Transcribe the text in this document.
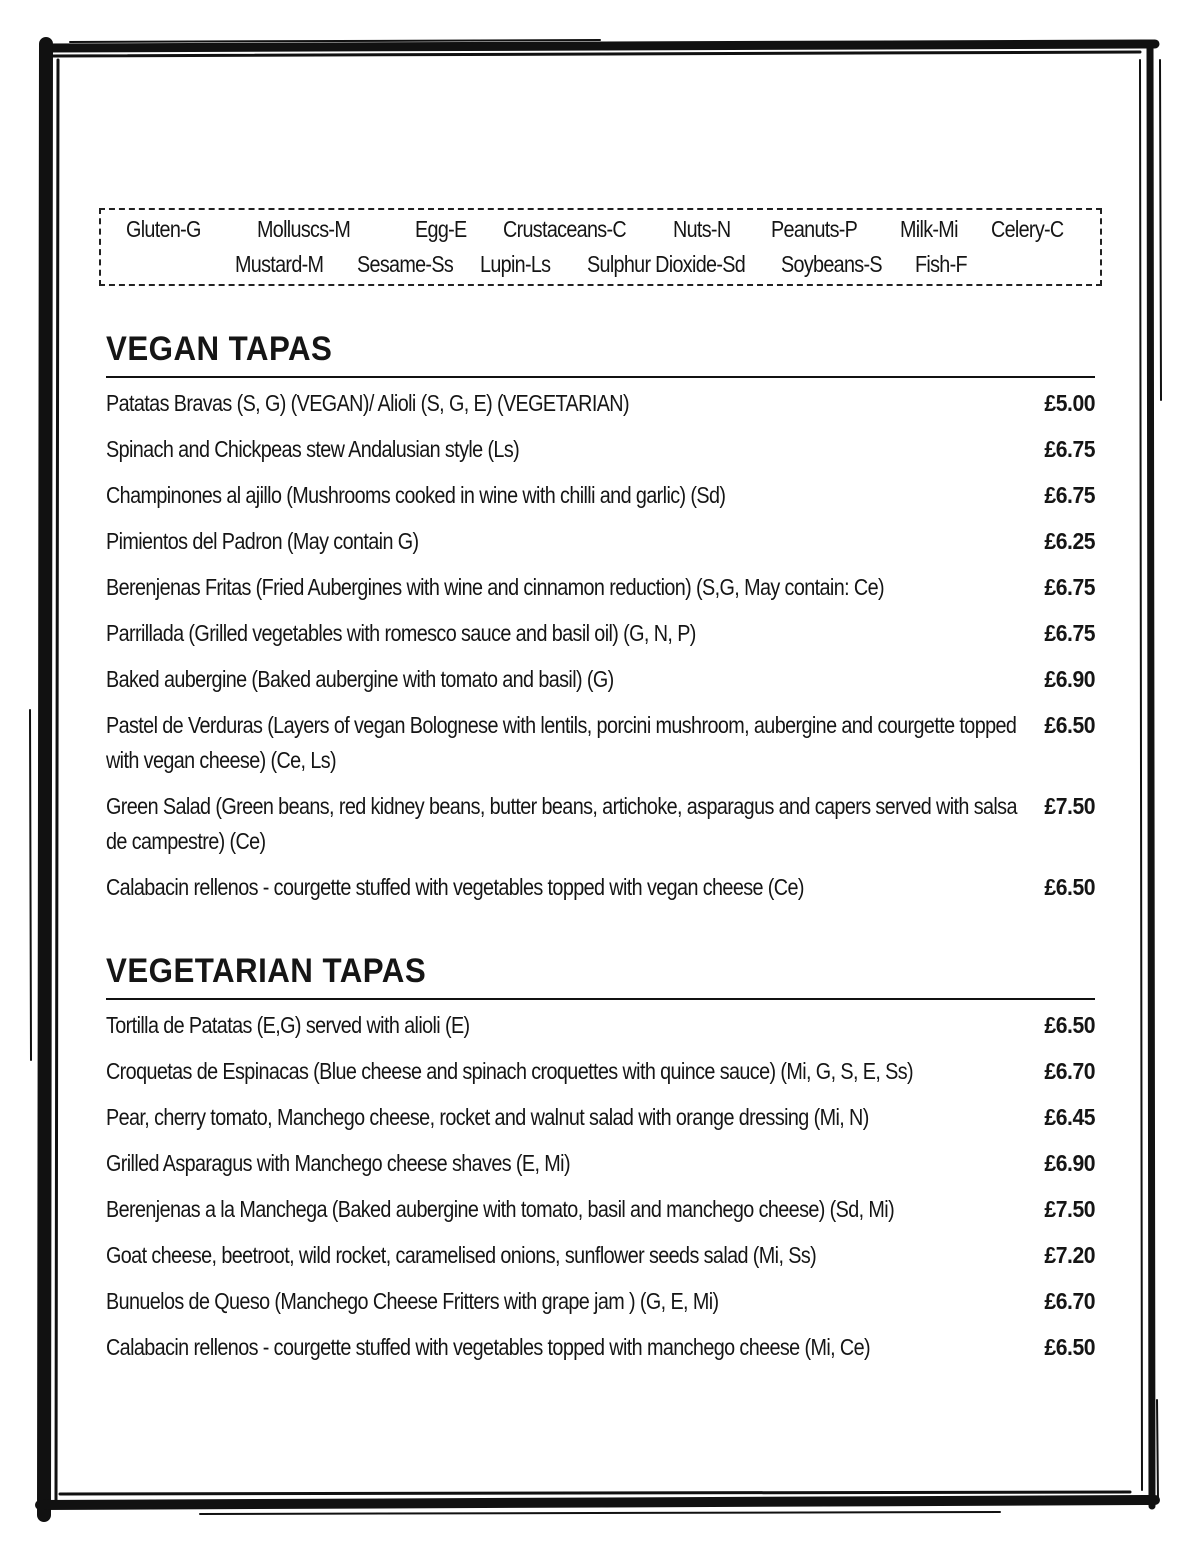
Gluten-G Molluscs-M	Egg-E Crustaceans-C Nuts-N Peanuts-P Milk-Mi Celery-C
Mustard-M Sesame-Ss Lupin-Ls Sulphur Dioxide-Sd Soybeans-S Fish-F
VEGAN TAPAS
Patatas Bravas (S, G) (VEGAN)/ Alioli (S, G, E) (VEGETARIAN)	£5.00
Spinach and Chickpeas stew Andalusian style (Ls)	£6.75
Champinones al ajillo (Mushrooms cooked in wine with chilli and garlic) (Sd)	£6.75
Pimientos del Padron (May contain G)	£6.25
Berenjenas Fritas (Fried Aubergines with wine and cinnamon reduction) (S,G, May contain: Ce)	£6.75
Parrillada (Grilled vegetables with romesco sauce and basil oil) (G, N, P)	£6.75
Baked aubergine (Baked aubergine with tomato and basil) (G)	£6.90
Pastel de Verduras (Layers of vegan Bolognese with lentils, porcini mushroom, aubergine and courgette topped with vegan cheese) (Ce, Ls)
£6.50
Green Salad (Green beans, red kidney beans, butter beans, artichoke, asparagus and capers served with salsa de campestre) (Ce)
£7.50
Calabacin rellenos - courgette stuffed with vegetables topped with vegan cheese (Ce)	£6.50
VEGETARIAN TAPAS
Tortilla de Patatas (E,G) served with alioli (E)	£6.50
Croquetas de Espinacas (Blue cheese and spinach croquettes with quince sauce) (Mi, G, S, E, Ss)	£6.70
Pear, cherry tomato, Manchego cheese, rocket and walnut salad with orange dressing (Mi, N)	£6.45
Grilled Asparagus with Manchego cheese shaves (E, Mi)	£6.90
Berenjenas a la Manchega (Baked aubergine with tomato, basil and manchego cheese) (Sd, Mi)	£7.50
Goat cheese, beetroot, wild rocket, caramelised onions, sunflower seeds salad (Mi, Ss)	£7.20
Bunuelos de Queso (Manchego Cheese Fritters with grape jam ) (G, E, Mi)	£6.70
Calabacin rellenos - courgette stuffed with vegetables topped with manchego cheese (Mi, Ce)	£6.50
